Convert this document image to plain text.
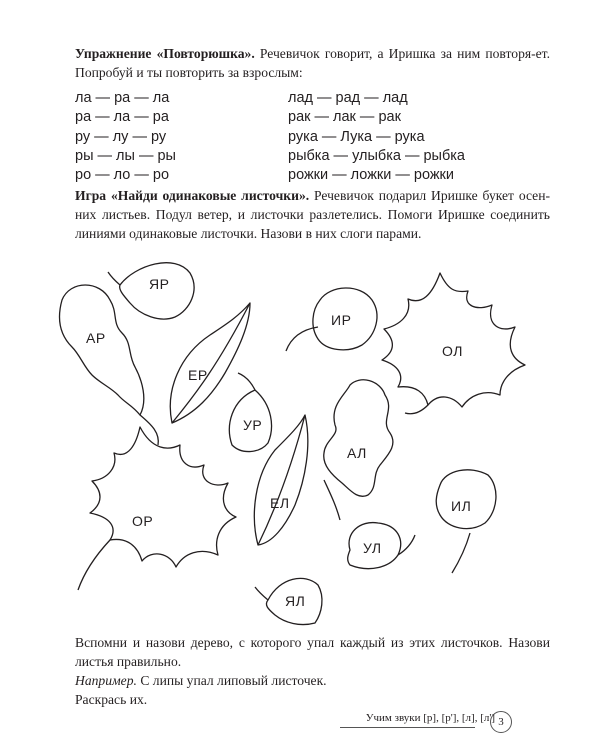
Упражнение «Повторюшка». Речевичок говорит, а Иришка за ним повторя-ет. Попробуй и ты повторить за взрослым:

ла — ра — ла
ра — ла — ра
ру — лу — ру
ры — лы — ры
ро — ло — ро
лад — рад — лад
рак — лак — рак
рука — Лука — рука
рыбка — улыбка — рыбка
рожки — ложки — рожки

Игра «Найди одинаковые листочки». Речевичок подарил Иришке букет осен-них листьев. Подул ветер, и листочки разлетелись. Помоги Иришке соединить линиями одинаковые листочки. Назови в них слоги парами.

ЯР
АР
ЕР
ИР
ОЛ
УР
АЛ
ЕЛ
ОР
ИЛ
УЛ
ЯЛ

Вспомни и назови дерево, с которого упал каждый из этих листочков. Назови листья правильно.
Например. С липы упал липовый листочек.
Раскрась их.

Учим звуки [р], [р'], [л], [л'] 3
